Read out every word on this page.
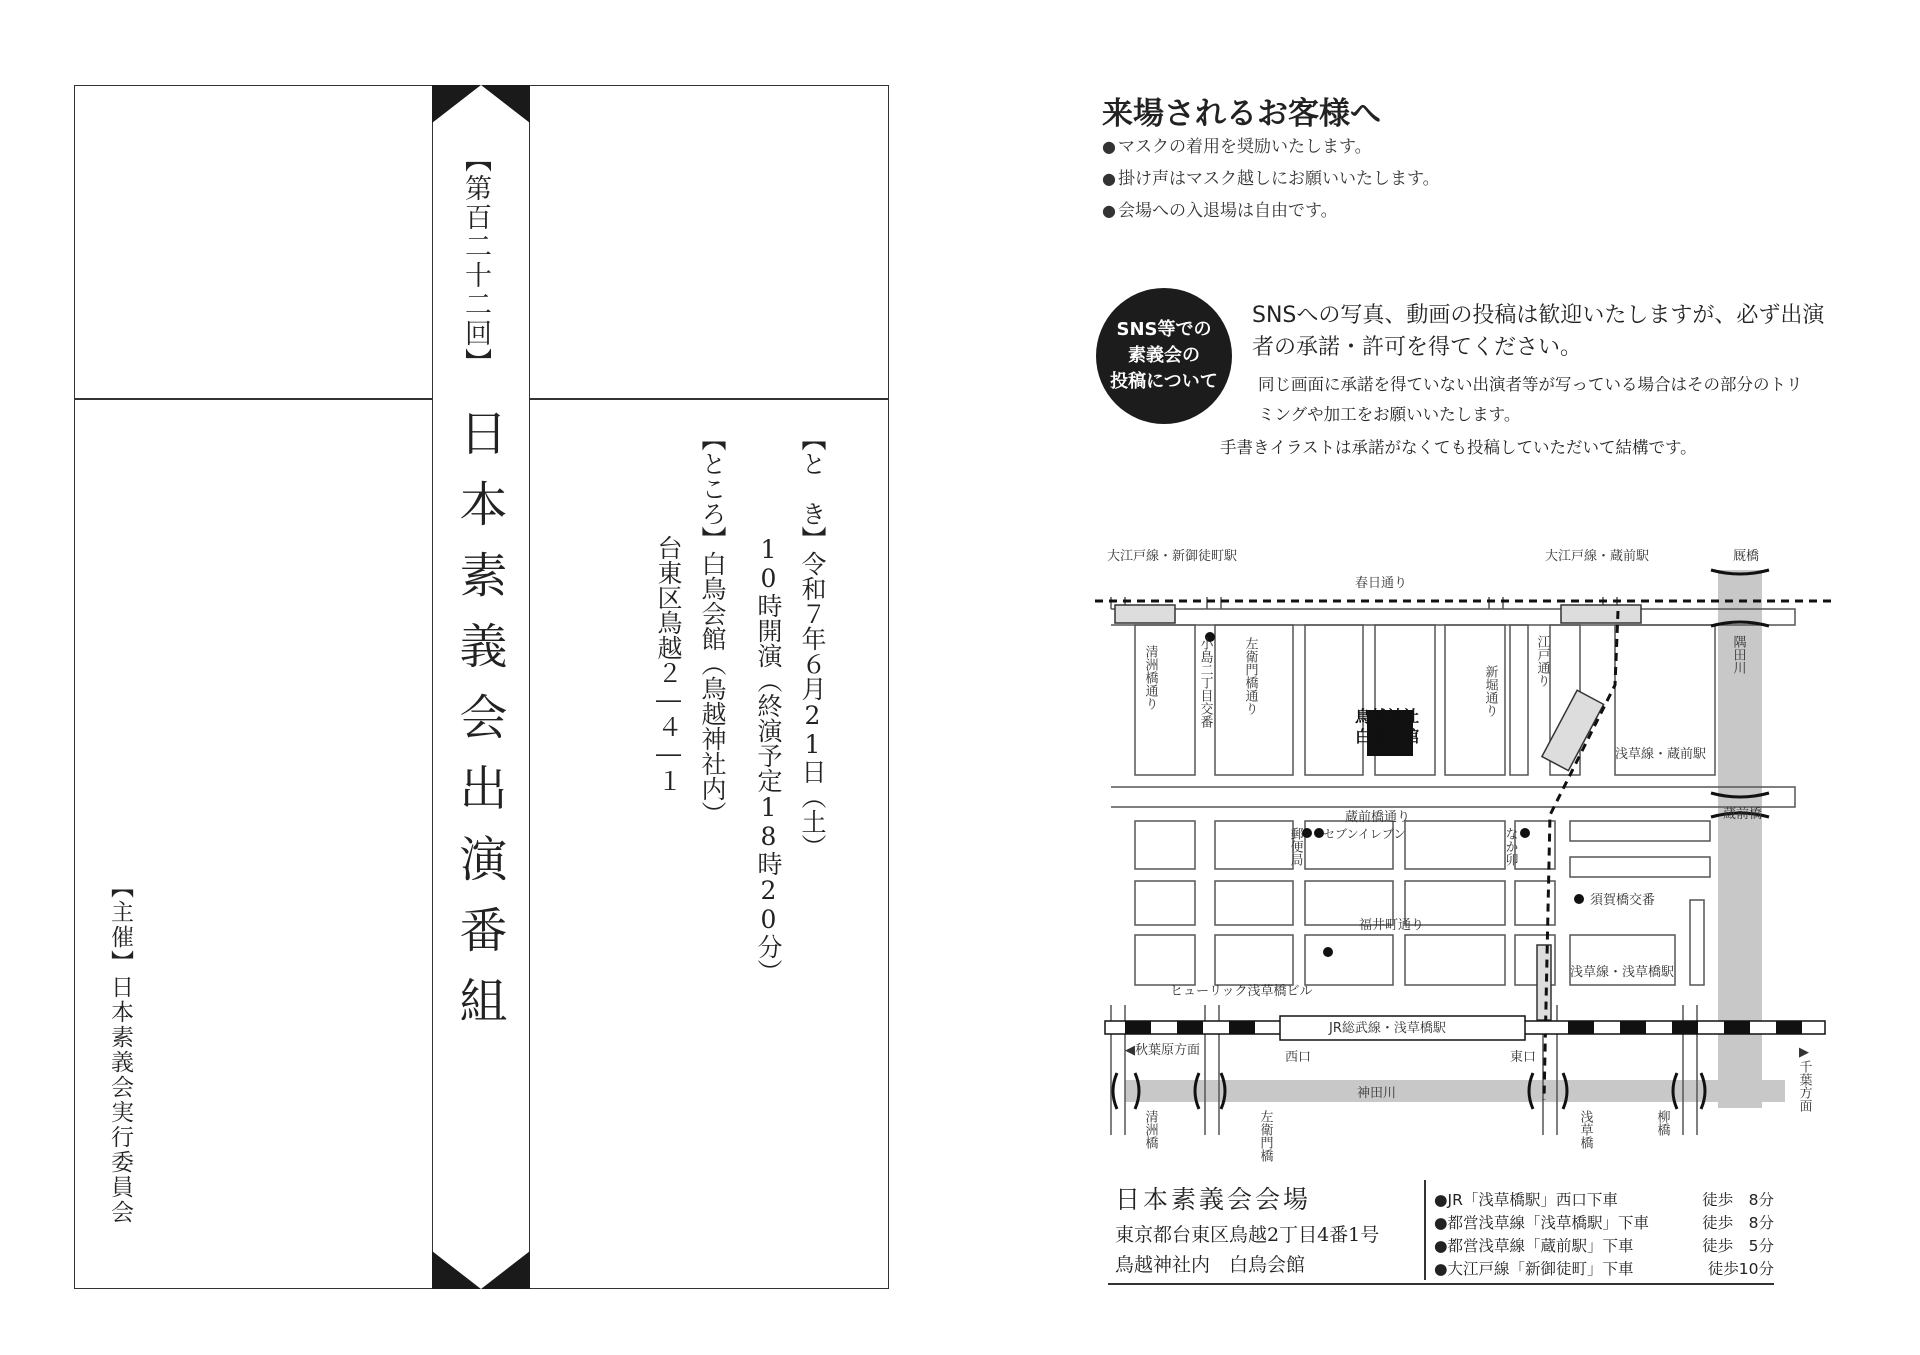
【第百二十二回】
日本素義会出演番組	【と　き】令和７年６月21日（土）
10時開演（終演予定18時20分）
【ところ】白鳥会館（鳥越神社内）
台東区鳥越２―４―１
【主催】日本素義会実行委員会
来場されるお客様へ
● マスクの着用を奨励いたします。
● 掛け声はマスク越しにお願いいたします。
● 会場への入退場は自由です。
SNS等での
素義会の
投稿について
SNSへの写真、動画の投稿は歓迎いたしますが、必ず出演者の承諾・許可を得てください。
同じ画面に承諾を得ていない出演者等が写っている場合はその部分のトリミングや加工をお願いいたします。
手書きイラストは承諾がなくても投稿していただいて結構です。
大江戸線・新御徒町駅	大江戸線・蔵前駅	厩橋
春日通り
蔵前橋通り	蔵前橋
福井町通り
須賀橋交番
浅草線・浅草橋駅
浅草線・蔵前駅
ヒューリック浅草橋ビル
JR総武線・浅草橋駅
◀秋葉原方面	西口	東口
神田川
鳥越神社
白鳥会館
セブンイレブン
小島二丁目交番
清洲橋通り	左衛門橋通り	新堀通り
江戸通り	隅田川
郵便局	なか卯
▶千葉方面
清洲橋	左衛門橋	浅草橋	柳橋
日本素義会会場
東京都台東区鳥越2丁目4番1号
鳥越神社内　白鳥会館
●JR「浅草橋駅」西口下車	徒歩　8分
●都営浅草線「浅草橋駅」下車	徒歩　8分
●都営浅草線「蔵前駅」下車	徒歩　5分
●大江戸線「新御徒町」下車	徒歩10分
